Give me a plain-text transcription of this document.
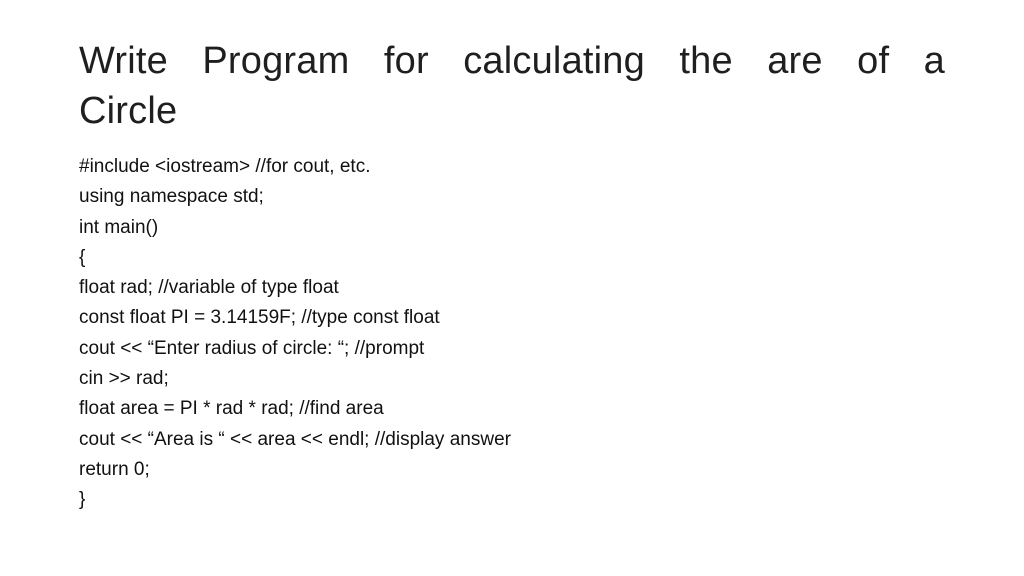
Write Program for calculating the are of a
Circle
#include <iostream> //for cout, etc.
using namespace std;
int main()
{
float rad; //variable of type float
const float PI = 3.14159F; //type const float
cout << “Enter radius of circle: “; //prompt
cin >> rad;
float area = PI * rad * rad; //find area
cout << “Area is “ << area << endl; //display answer
return 0;
}
